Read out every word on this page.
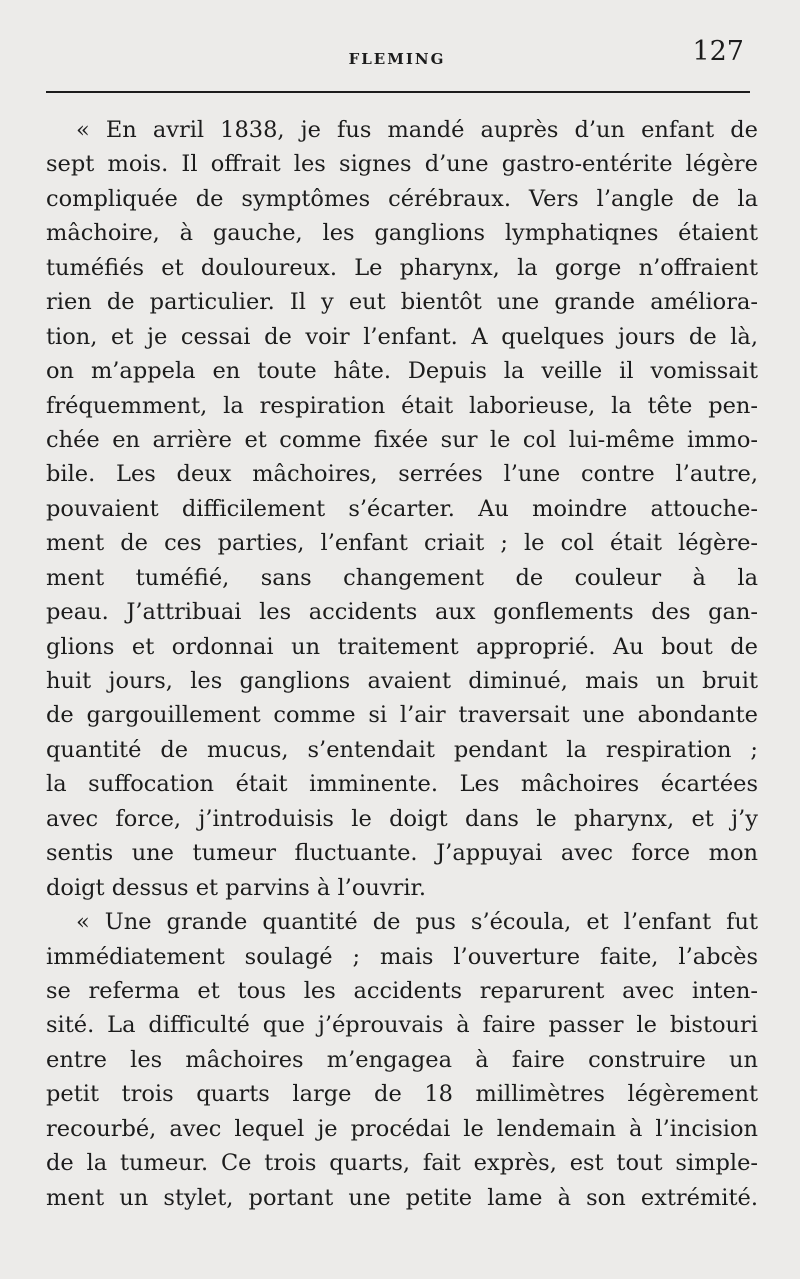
FLEMING	127
« En avril 1838, je fus mandé auprès d’un enfant de
sept mois. Il offrait les signes d’une gastro-entérite légère
compliquée de symptômes cérébraux. Vers l’angle de la
mâchoire, à gauche, les ganglions lymphatiqnes étaient
tuméfiés et douloureux. Le pharynx, la gorge n’offraient
rien de particulier. Il y eut bientôt une grande améliora-
tion, et je cessai de voir l’enfant. A quelques jours de là,
on m’appela en toute hâte. Depuis la veille il vomissait
fréquemment, la respiration était laborieuse, la tête pen-
chée en arrière et comme fixée sur le col lui-même immo-
bile. Les deux mâchoires, serrées l’une contre l’autre,
pouvaient difficilement s’écarter. Au moindre attouche-
ment de ces parties, l’enfant criait ; le col était légère-
ment tuméfié, sans changement de couleur à la
peau. J’attribuai les accidents aux gonflements des gan-
glions et ordonnai un traitement approprié. Au bout de
huit jours, les ganglions avaient diminué, mais un bruit
de gargouillement comme si l’air traversait une abondante
quantité de mucus, s’entendait pendant la respiration ;
la suffocation était imminente. Les mâchoires écartées
avec force, j’introduisis le doigt dans le pharynx, et j’y
sentis une tumeur fluctuante. J’appuyai avec force mon
doigt dessus et parvins à l’ouvrir.
« Une grande quantité de pus s’écoula, et l’enfant fut
immédiatement soulagé ; mais l’ouverture faite, l’abcès
se referma et tous les accidents reparurent avec inten-
sité. La difficulté que j’éprouvais à faire passer le bistouri
entre les mâchoires m’engagea à faire construire un
petit trois quarts large de 18 millimètres légèrement
recourbé, avec lequel je procédai le lendemain à l’incision
de la tumeur. Ce trois quarts, fait exprès, est tout simple-
ment un stylet, portant une petite lame à son extrémité.
